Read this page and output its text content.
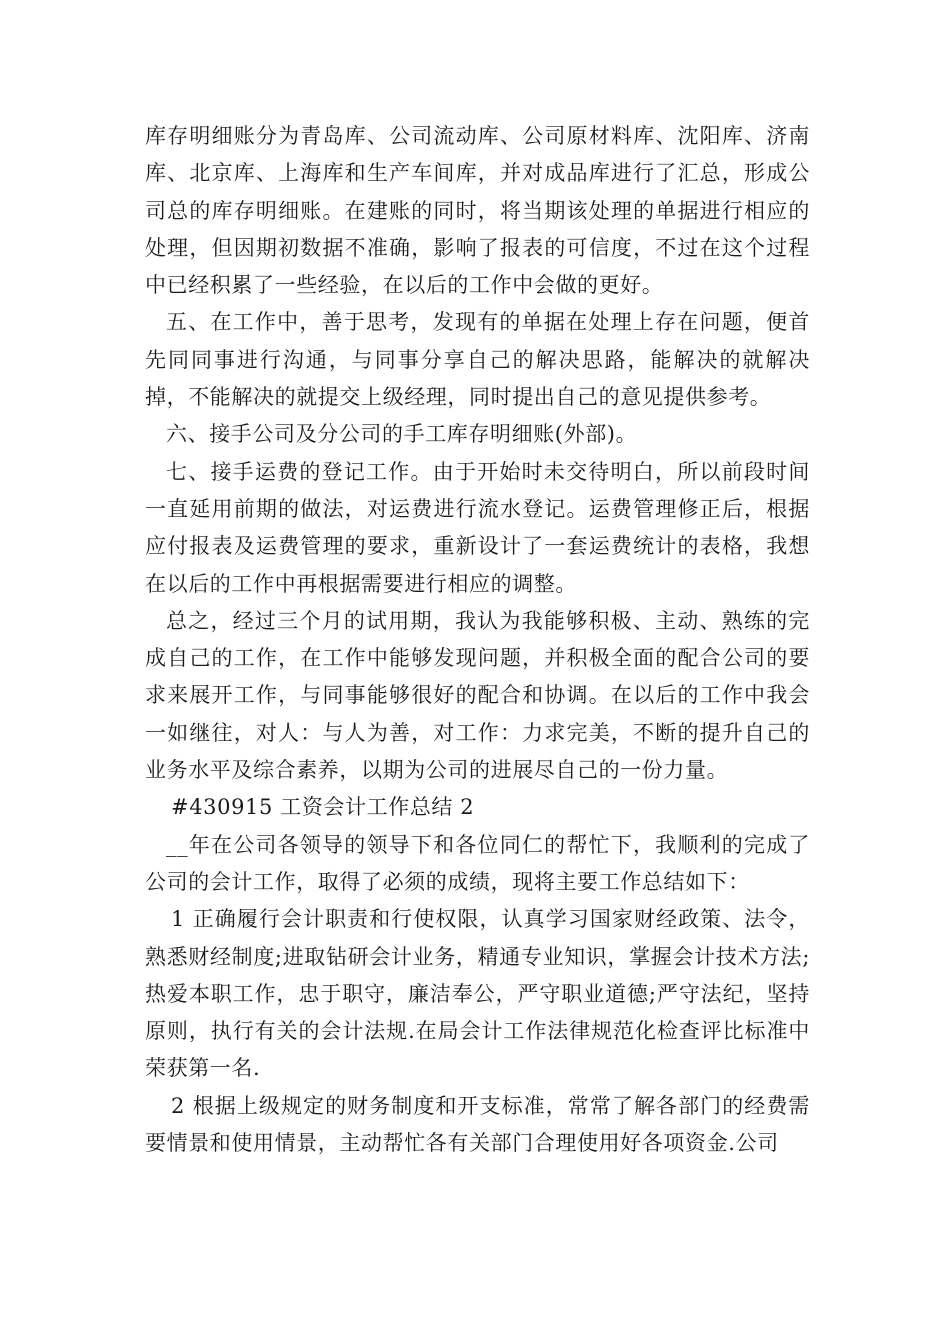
库存明细账分为青岛库、公司流动库、公司原材料库、沈阳库、济南库、北京库、上海库和生产车间库，并对成品库进行了汇总，形成公司总的库存明细账。在建账的同时，将当期该处理的单据进行相应的处理，但因期初数据不准确，影响了报表的可信度，不过在这个过程中已经积累了一些经验，在以后的工作中会做的更好。

五、在工作中，善于思考，发现有的单据在处理上存在问题，便首先同同事进行沟通，与同事分享自己的解决思路，能解决的就解决掉，不能解决的就提交上级经理，同时提出自己的意见提供参考。

六、接手公司及分公司的手工库存明细账(外部)。

七、接手运费的登记工作。由于开始时未交待明白，所以前段时间一直延用前期的做法，对运费进行流水登记。运费管理修正后，根据应付报表及运费管理的要求，重新设计了一套运费统计的表格，我想在以后的工作中再根据需要进行相应的调整。

总之，经过三个月的试用期，我认为我能够积极、主动、熟练的完成自己的工作，在工作中能够发现问题，并积极全面的配合公司的要求来展开工作，与同事能够很好的配合和协调。在以后的工作中我会一如继往，对人：与人为善，对工作：力求完美，不断的提升自己的业务水平及综合素养，以期为公司的进展尽自己的一份力量。

#430915 工资会计工作总结 2

__年在公司各领导的领导下和各位同仁的帮忙下，我顺利的完成了公司的会计工作，取得了必须的成绩，现将主要工作总结如下：

1 正确履行会计职责和行使权限，认真学习国家财经政策、法令，熟悉财经制度;进取钻研会计业务，精通专业知识，掌握会计技术方法;热爱本职工作，忠于职守，廉洁奉公，严守职业道德;严守法纪，坚持原则，执行有关的会计法规.在局会计工作法律规范化检查评比标准中荣获第一名.

2 根据上级规定的财务制度和开支标准，常常了解各部门的经费需要情景和使用情景，主动帮忙各有关部门合理使用好各项资金.公司
